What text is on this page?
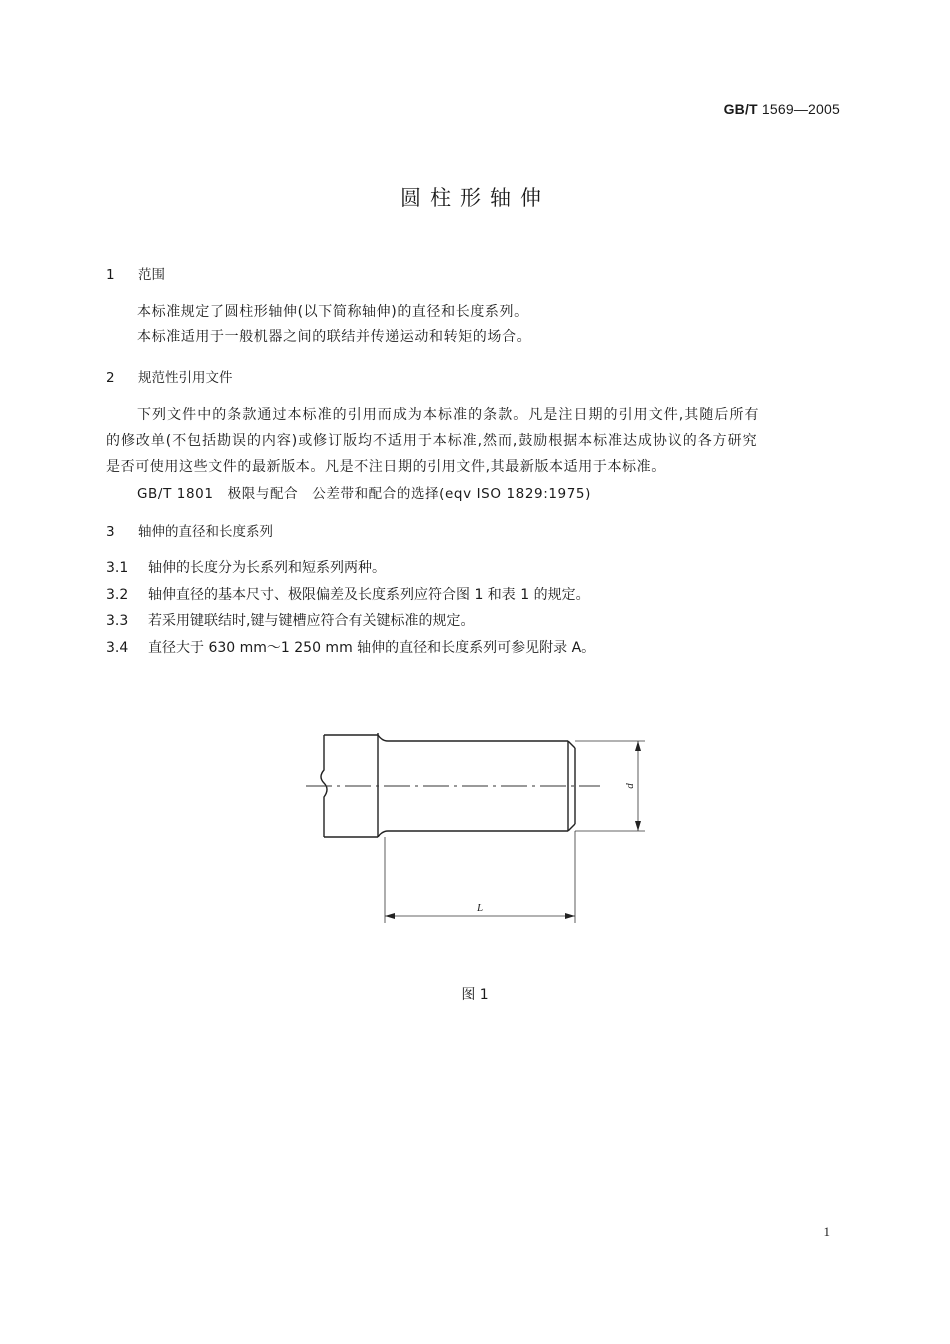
GB/T 1569—2005
圆柱形轴伸
1 范围
本标准规定了圆柱形轴伸(以下简称轴伸)的直径和长度系列。
本标准适用于一般机器之间的联结并传递运动和转矩的场合。
2 规范性引用文件
下列文件中的条款通过本标准的引用而成为本标准的条款。凡是注日期的引用文件,其随后所有
的修改单(不包括勘误的内容)或修订版均不适用于本标准,然而,鼓励根据本标准达成协议的各方研究
是否可使用这些文件的最新版本。凡是不注日期的引用文件,其最新版本适用于本标准。
GB/T 1801　极限与配合　公差带和配合的选择(eqv ISO 1829:1975)
3 轴伸的直径和长度系列
3.1 轴伸的长度分为长系列和短系列两种。
3.2 轴伸直径的基本尺寸、极限偏差及长度系列应符合图 1 和表 1 的规定。
3.3 若采用键联结时,键与键槽应符合有关键标准的规定。
3.4 直径大于 630 mm～1 250 mm 轴伸的直径和长度系列可参见附录 A。
d
L
图 1
1
